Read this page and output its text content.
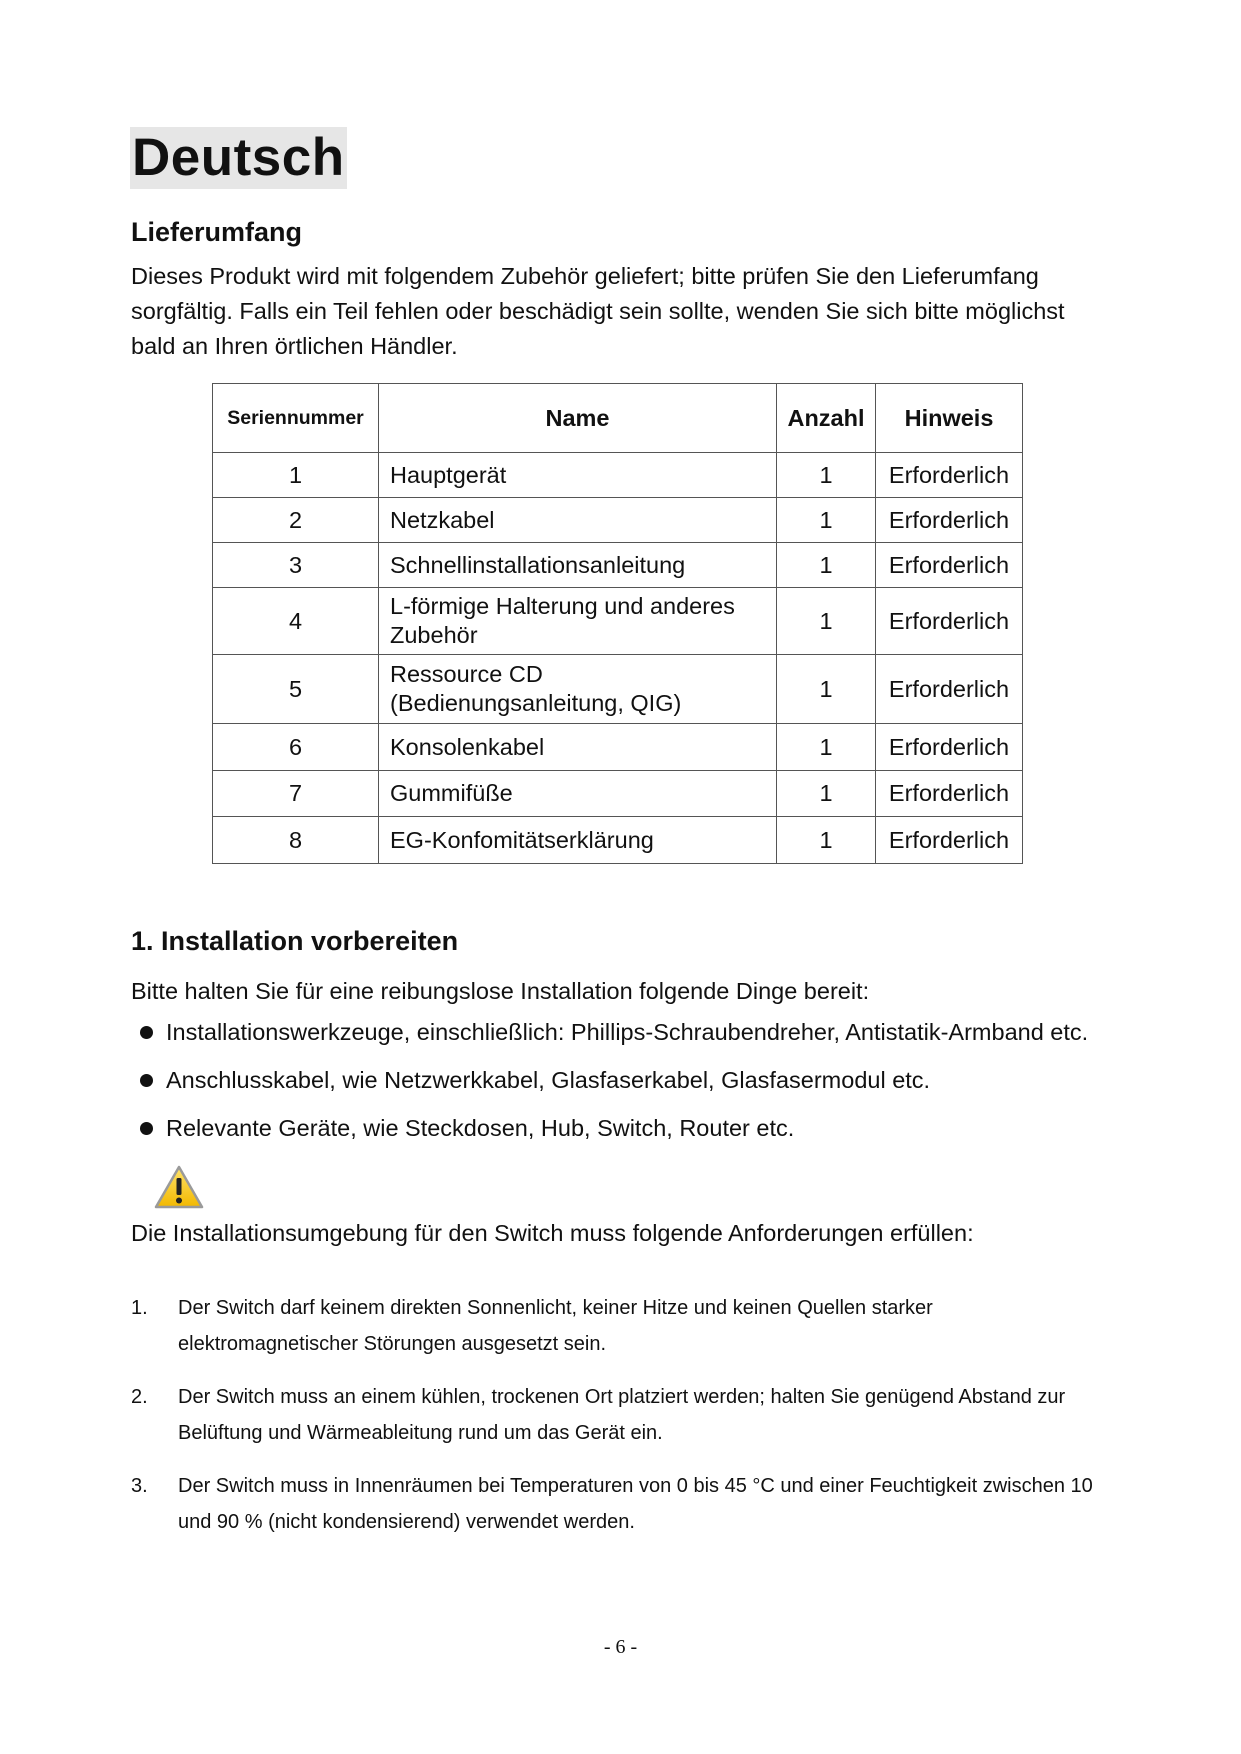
Deutsch
Lieferumfang
Dieses Produkt wird mit folgendem Zubehör geliefert; bitte prüfen Sie den Lieferumfang sorgfältig. Falls ein Teil fehlen oder beschädigt sein sollte, wenden Sie sich bitte möglichst bald an Ihren örtlichen Händler.
Seriennummer	Name	Anzahl	Hinweis
1	Hauptgerät	1	Erforderlich
2	Netzkabel	1	Erforderlich
3	Schnellinstallationsanleitung	1	Erforderlich
4	L-förmige Halterung und anderes Zubehör	1	Erforderlich
5	Ressource CD (Bedienungsanleitung, QIG)	1	Erforderlich
6	Konsolenkabel	1	Erforderlich
7	Gummifüße	1	Erforderlich
8	EG-Konfomitätserklärung	1	Erforderlich
1. Installation vorbereiten
Bitte halten Sie für eine reibungslose Installation folgende Dinge bereit:
Installationswerkzeuge, einschließlich: Phillips-Schraubendreher, Antistatik-Armband etc.
Anschlusskabel, wie Netzwerkkabel, Glasfaserkabel, Glasfasermodul etc.
Relevante Geräte, wie Steckdosen, Hub, Switch, Router etc.
Die Installationsumgebung für den Switch muss folgende Anforderungen erfüllen:
1.	Der Switch darf keinem direkten Sonnenlicht, keiner Hitze und keinen Quellen starker elektromagnetischer Störungen ausgesetzt sein.
2.	Der Switch muss an einem kühlen, trockenen Ort platziert werden; halten Sie genügend Abstand zur Belüftung und Wärmeableitung rund um das Gerät ein.
3.	Der Switch muss in Innenräumen bei Temperaturen von 0 bis 45 °C und einer Feuchtigkeit zwischen 10 und 90 % (nicht kondensierend) verwendet werden.
- 6 -
